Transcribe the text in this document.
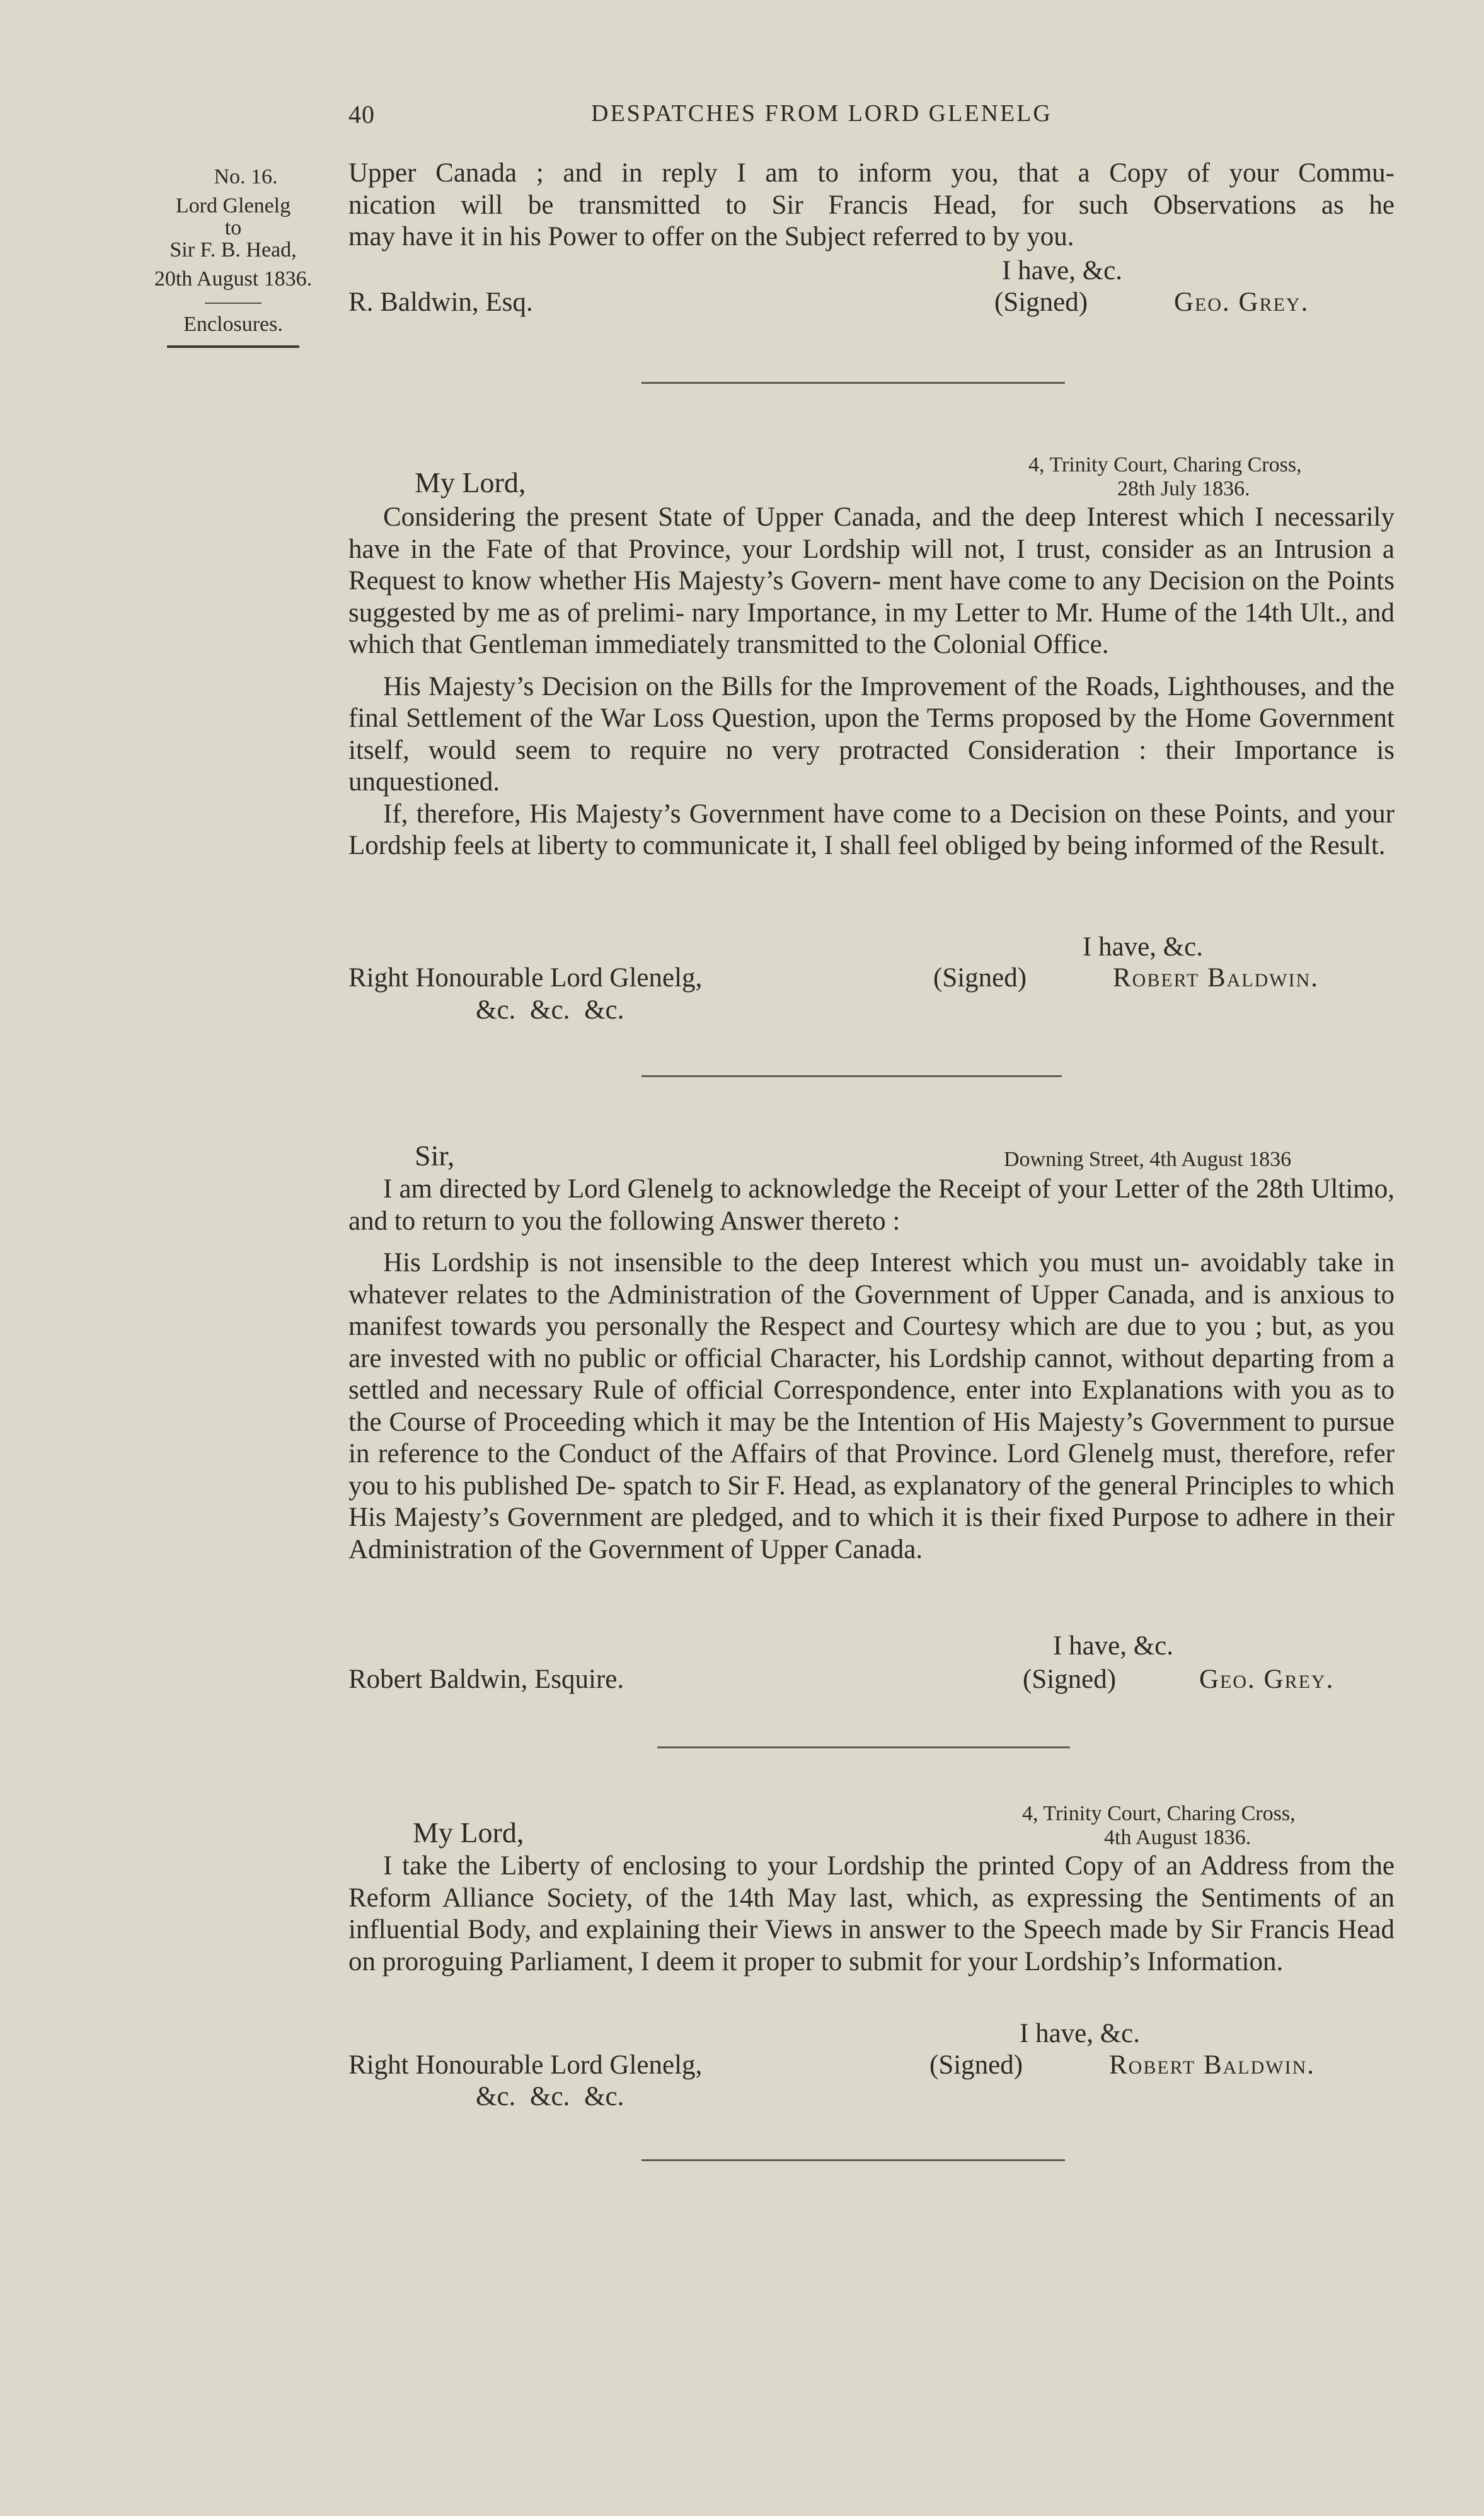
40	DESPATCHES FROM LORD GLENELG
No. 16.
Lord Glenelg
to
Sir F. B. Head,
20th August 1836.
Enclosures.

Upper Canada ; and in reply I am to inform you, that a Copy of your Commu-

nication will be transmitted to Sir Francis Head, for such Observations as he

may have it in his Power to offer on the Subject referred to by you.

I have, &c.
R. Baldwin, Esq.	(Signed)	Geo. Grey.
4, Trinity Court, Charing Cross,
28th July 1836.
My Lord,

Considering the present State of Upper Canada, and the deep Interest which I necessarily have in the Fate of that Province, your Lordship will not, I trust, consider as an Intrusion a Request to know whether His Majesty’s Govern- ment have come to any Decision on the Points suggested by me as of prelimi- nary Importance, in my Letter to Mr. Hume of the 14th Ult., and which that Gentleman immediately transmitted to the Colonial Office.

His Majesty’s Decision on the Bills for the Improvement of the Roads, Lighthouses, and the final Settlement of the War Loss Question, upon the Terms proposed by the Home Government itself, would seem to require no very protracted Consideration : their Importance is unquestioned.

If, therefore, His Majesty’s Government have come to a Decision on these Points, and your Lordship feels at liberty to communicate it, I shall feel obliged by being informed of the Result.

I have, &c.
Right Honourable Lord Glenelg,	(Signed)	Robert Baldwin.
&c. &c. &c.
Sir,	Downing Street, 4th August 1836

I am directed by Lord Glenelg to acknowledge the Receipt of your Letter of the 28th Ultimo, and to return to you the following Answer thereto :

His Lordship is not insensible to the deep Interest which you must un- avoidably take in whatever relates to the Administration of the Government of Upper Canada, and is anxious to manifest towards you personally the Respect and Courtesy which are due to you ; but, as you are invested with no public or official Character, his Lordship cannot, without departing from a settled and necessary Rule of official Correspondence, enter into Explanations with you as to the Course of Proceeding which it may be the Intention of His Majesty’s Government to pursue in reference to the Conduct of the Affairs of that Province. Lord Glenelg must, therefore, refer you to his published De- spatch to Sir F. Head, as explanatory of the general Principles to which His Majesty’s Government are pledged, and to which it is their fixed Purpose to adhere in their Administration of the Government of Upper Canada.

I have, &c.
Robert Baldwin, Esquire.	(Signed)	Geo. Grey.
4, Trinity Court, Charing Cross,
4th August 1836.
My Lord,

I take the Liberty of enclosing to your Lordship the printed Copy of an Address from the Reform Alliance Society, of the 14th May last, which, as expressing the Sentiments of an influential Body, and explaining their Views in answer to the Speech made by Sir Francis Head on proroguing Parliament, I deem it proper to submit for your Lordship’s Information.

I have, &c.
Right Honourable Lord Glenelg,	(Signed)	Robert Baldwin.
&c. &c. &c.
